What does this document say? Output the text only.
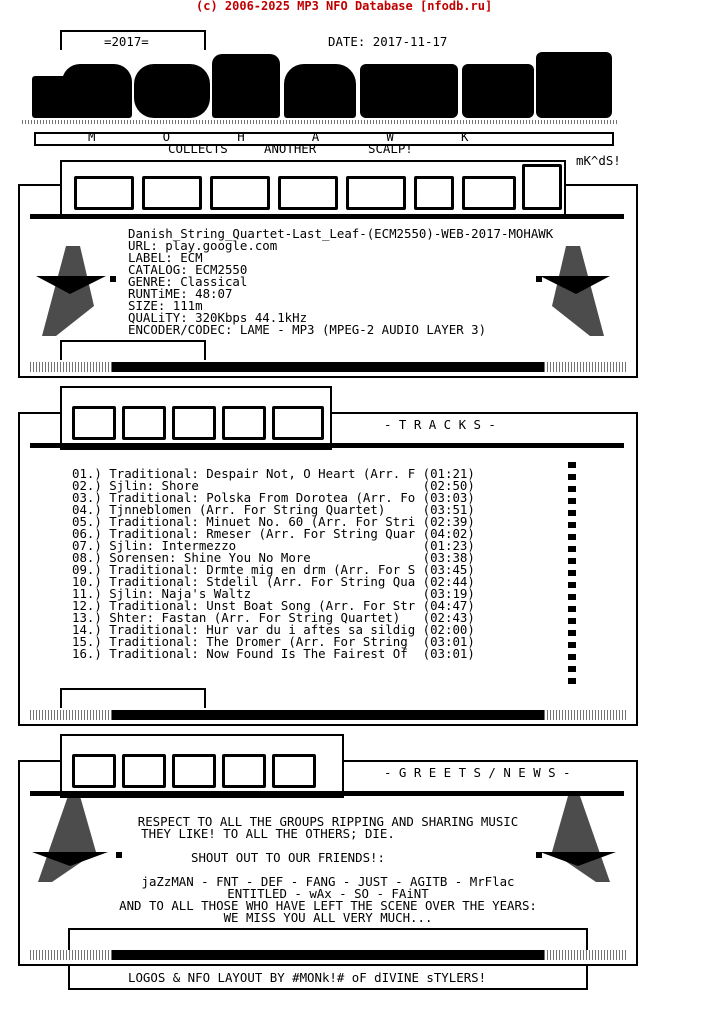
(c) 2006-2025 MP3 NFO Database [nfodb.ru]
=2017=	DATE: 2017-11-17
M         O         H         A         W         K
COLLECTS	ANOTHER	SCALP!
mK^dS!
Danish_String_Quartet-Last_Leaf-(ECM2550)-WEB-2017-MOHAWK
URL: play.google.com
LABEL: ECM
CATALOG: ECM2550
GENRE: Classical
RUNTiME: 48:07
SIZE: 111m
QUALiTY: 320Kbps 44.1kHz
ENCODER/CODEC: LAME - MP3 (MPEG-2 AUDIO LAYER 3)
- T R A C K S -
01.) Traditional: Despair Not, O Heart (Arr. F (01:21)
02.) Sjlin: Shore                              (02:50)
03.) Traditional: Polska From Dorotea (Arr. Fo (03:03)
04.) Tjnneblomen (Arr. For String Quartet)     (03:51)
05.) Traditional: Minuet No. 60 (Arr. For Stri (02:39)
06.) Traditional: Rmeser (Arr. For String Quar (04:02)
07.) Sjlin: Intermezzo                         (01:23)
08.) Sorensen: Shine You No More               (03:38)
09.) Traditional: Drmte mig en drm (Arr. For S (03:45)
10.) Traditional: Stdelil (Arr. For String Qua (02:44)
11.) Sjlin: Naja's Waltz                       (03:19)
12.) Traditional: Unst Boat Song (Arr. For Str (04:47)
13.) Shter: Fastan (Arr. For String Quartet)   (02:43)
14.) Traditional: Hur var du i aftes sa sildig (02:00)
15.) Traditional: The Dromer (Arr. For String  (03:01)
16.) Traditional: Now Found Is The Fairest Of  (03:01)
- G R E E T S / N E W S -
RESPECT TO ALL THE GROUPS RIPPING AND SHARING MUSIC
THEY LIKE! TO ALL THE OTHERS; DIE.
SHOUT OUT TO OUR FRIENDS!:
jaZzMAN - FNT - DEF - FANG - JUST - AGITB - MrFlac
ENTITLED - wAx - SO - FAiNT
AND TO ALL THOSE WHO HAVE LEFT THE SCENE OVER THE YEARS:
WE MISS YOU ALL VERY MUCH...
LOGOS & NFO LAYOUT BY #MONk!# oF dIVINE sTYLERS!
